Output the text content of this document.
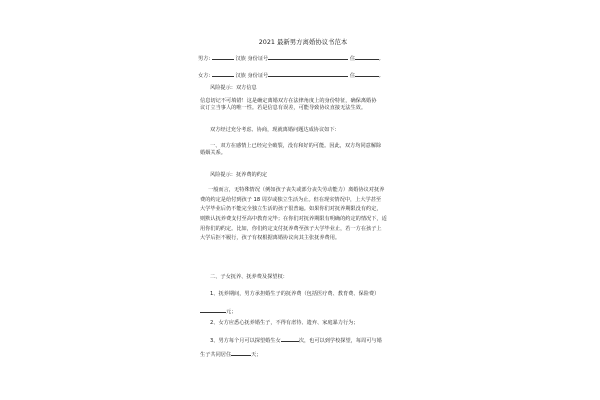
2021 最新男方离婚协议书范本
男方:	汉族 身份证号	住	,
女方:	汉族 身份证号	住	,
风险提示：双方信息
信息切记不可填错！这是确定离婚双方在法律角度上的身份特征，确保离婚协
议订立当事人的唯一性。若是信息有误差，可能导致协议直接无法生效。
双方经过充分考虑、协商，现就离婚问题达成协议如下：
一、双方在感情上已经完全破裂，没有和好的可能。因此，双方均同意解除
婚姻关系。
风险提示：抚养费的约定
一般而言，无特殊情况（例如孩子丧失或部分丧失劳动能力）离婚协议对抚养
费的约定是给付到孩子 18 周岁或独立生活为止。但在现实情况中，上大学甚至
大学毕业后仍不能完全独立生活的孩子很普遍。如果你们对抚养期限没有约定，
则默认抚养费支付至高中教育完毕；在你们对抚养期限有明确的约定的情况下，适
用你们的约定。比如，你们约定支付抚养费至孩子大学毕业止，若一方在孩子上
大学后拒不履行，孩子有权根据离婚协议向其主张抚养费用。
二、子女抚养、抚养费及探望权：
1、抚养期间，男方承担婚生子的抚养费（包括医疗费、教育费、保险费）
元；
2、女方应悉心抚养婚生子，不得有虐待、遗弃、家庭暴力行为；
3、男方每个月可以探望婚生女	次，也可以到学校探望，每周可与婚
生子共同居住	天；
